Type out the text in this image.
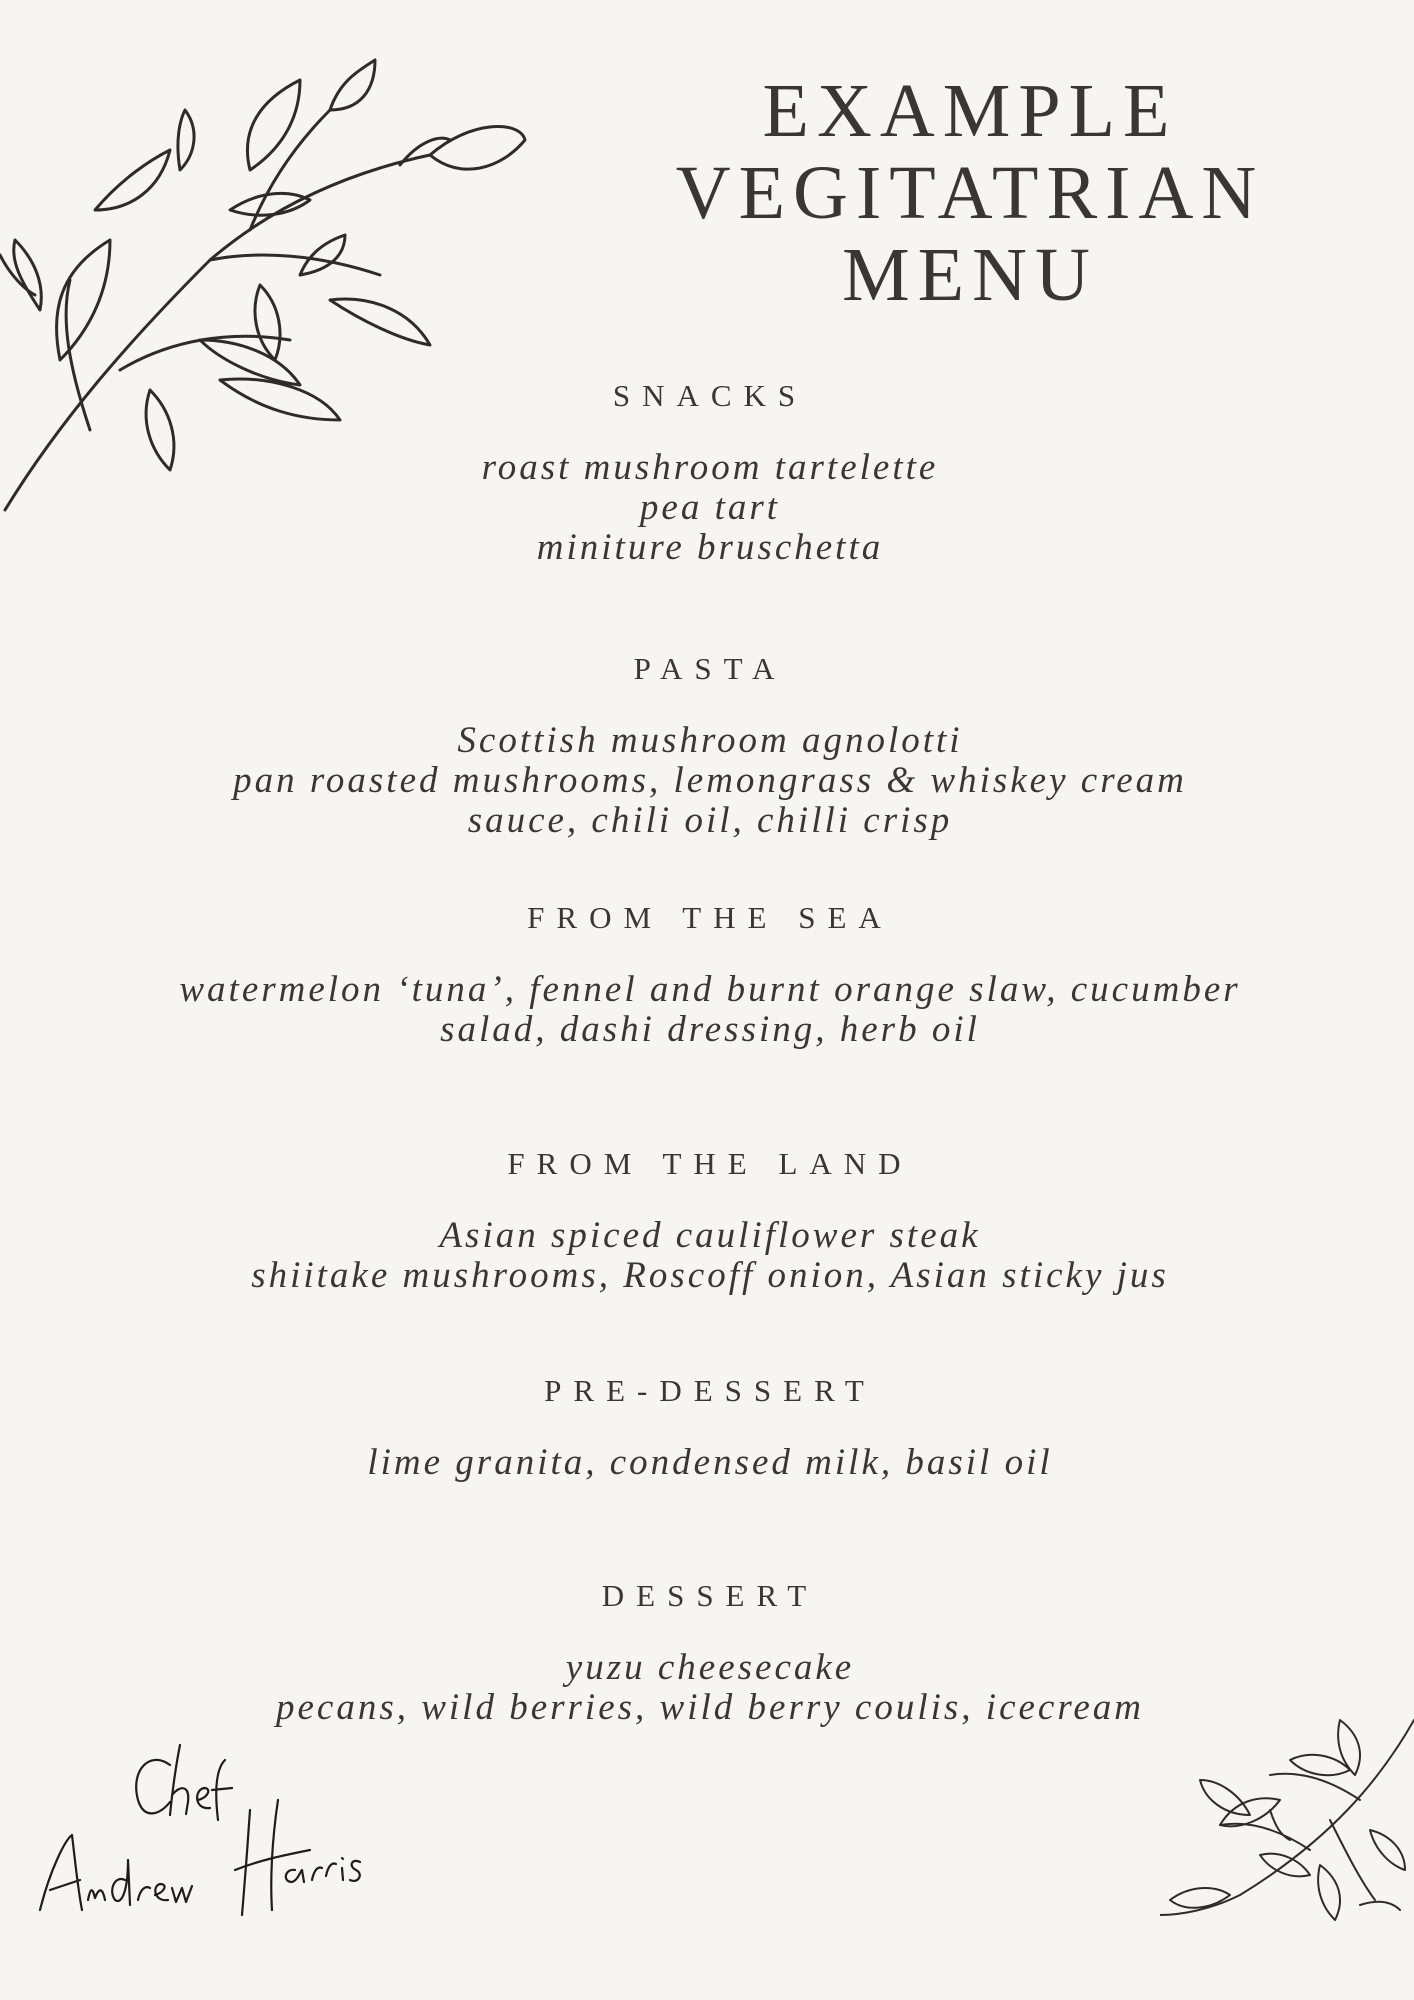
EXAMPLE
VEGITATRIAN
MENU
SNACKS
roast mushroom tartelette
pea tart
miniture bruschetta
PASTA
Scottish mushroom agnolotti
pan roasted mushrooms, lemongrass & whiskey cream
sauce, chili oil, chilli crisp
FROM THE SEA
watermelon ‘tuna’, fennel and burnt orange slaw, cucumber
salad, dashi dressing, herb oil
FROM THE LAND
Asian spiced cauliflower steak
shiitake mushrooms, Roscoff onion, Asian sticky jus
PRE-DESSERT
lime granita, condensed milk, basil oil
DESSERT
yuzu cheesecake
pecans, wild berries, wild berry coulis, icecream
